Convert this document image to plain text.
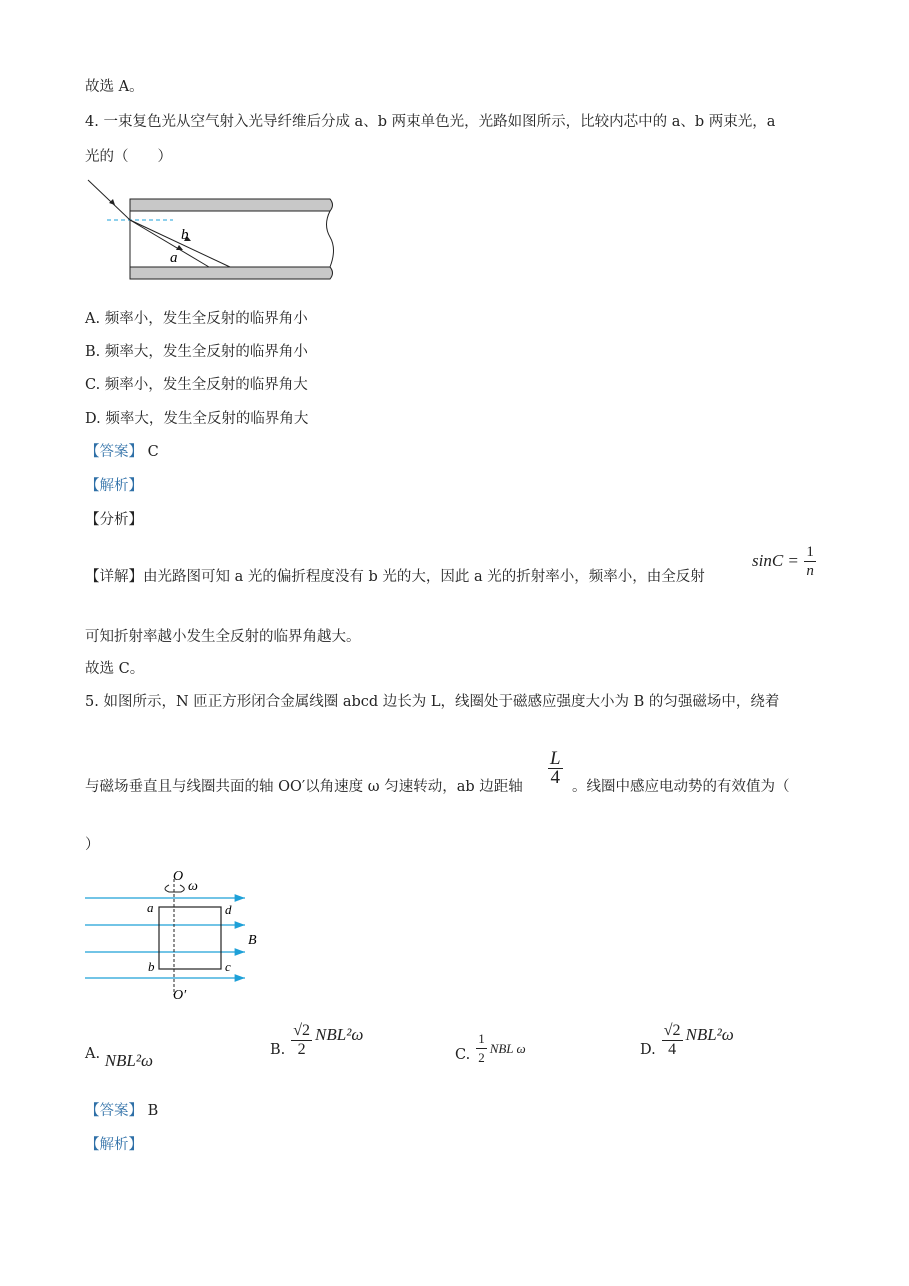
故选 A。
4. 一束复色光从空气射入光导纤维后分成 a、b 两束单色光，光路如图所示，比较内芯中的 a、b 两束光，a
光的（　　）
b
a
A. 频率小，发生全反射的临界角小
B. 频率大，发生全反射的临界角小
C. 频率小，发生全反射的临界角大
D. 频率大，发生全反射的临界角大
【答案】 C
【解析】
【分析】
【详解】由光路图可知 a 光的偏折程度没有 b 光的大，因此 a 光的折射率小，频率小，由全反射
$\sin C = \frac{1}{n}$
可知折射率越小发生全反射的临界角越大。
故选 C。
5. 如图所示，N 匝正方形闭合金属线圈 abcd 边长为 L，线圈处于磁感应强度大小为 B 的匀强磁场中，绕着
与磁场垂直且与线圈共面的轴 OO′以角速度 ω 匀速转动，ab 边距轴 $\frac{L}{4}$ 。线圈中感应电动势的有效值为（
）
O
ω
a	d
B
b	c
O′
A. NBL²ω
B. $\frac{√2}{2} NBL^2\omega$
C. $\frac{1}{2}$ NBL ω	D. $\frac{√2}{4} NBL^2\omega$
【答案】 B
【解析】
